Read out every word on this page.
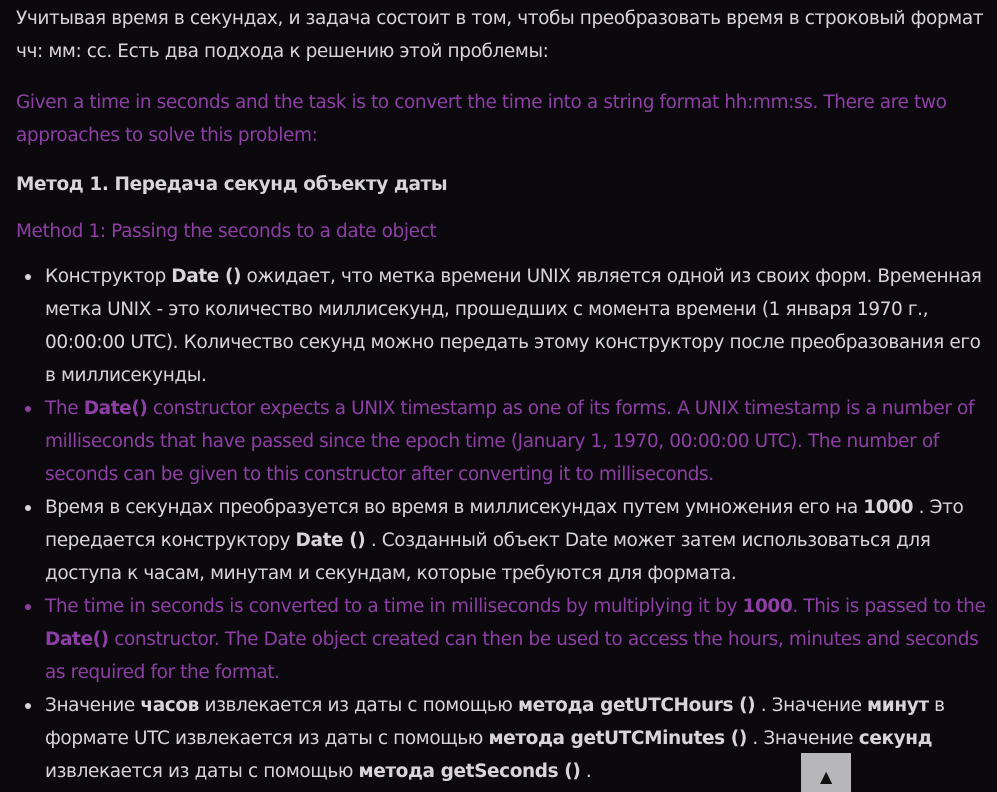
Учитывая время в секундах, и задача состоит в том, чтобы преобразовать время в строковый формат чч: мм: сс. Есть два подхода к решению этой проблемы:

Given a time in seconds and the task is to convert the time into a string format hh:mm:ss. There are two approaches to solve this problem:

Метод 1. Передача секунд объекту даты

Method 1: Passing the seconds to a date object

Конструктор Date () ожидает, что метка времени UNIX является одной из своих форм. Временная метка UNIX - это количество миллисекунд, прошедших с момента времени (1 января 1970 г., 00:00:00 UTC). Количество секунд можно передать этому конструктору после преобразования его в миллисекунды.
The Date() constructor expects a UNIX timestamp as one of its forms. A UNIX timestamp is a number of milliseconds that have passed since the epoch time (January 1, 1970, 00:00:00 UTC). The number of seconds can be given to this constructor after converting it to milliseconds.
Время в секундах преобразуется во время в миллисекундах путем умножения его на 1000 . Это передается конструктору Date () . Созданный объект Date может затем использоваться для доступа к часам, минутам и секундам, которые требуются для формата.
The time in seconds is converted to a time in milliseconds by multiplying it by 1000. This is passed to the Date() constructor. The Date object created can then be used to access the hours, minutes and seconds as required for the format.
Значение часов извлекается из даты с помощью метода getUTCHours () . Значение минут в формате UTC извлекается из даты с помощью метода getUTCMinutes () . Значение секунд извлекается из даты с помощью метода getSeconds () .	▲
